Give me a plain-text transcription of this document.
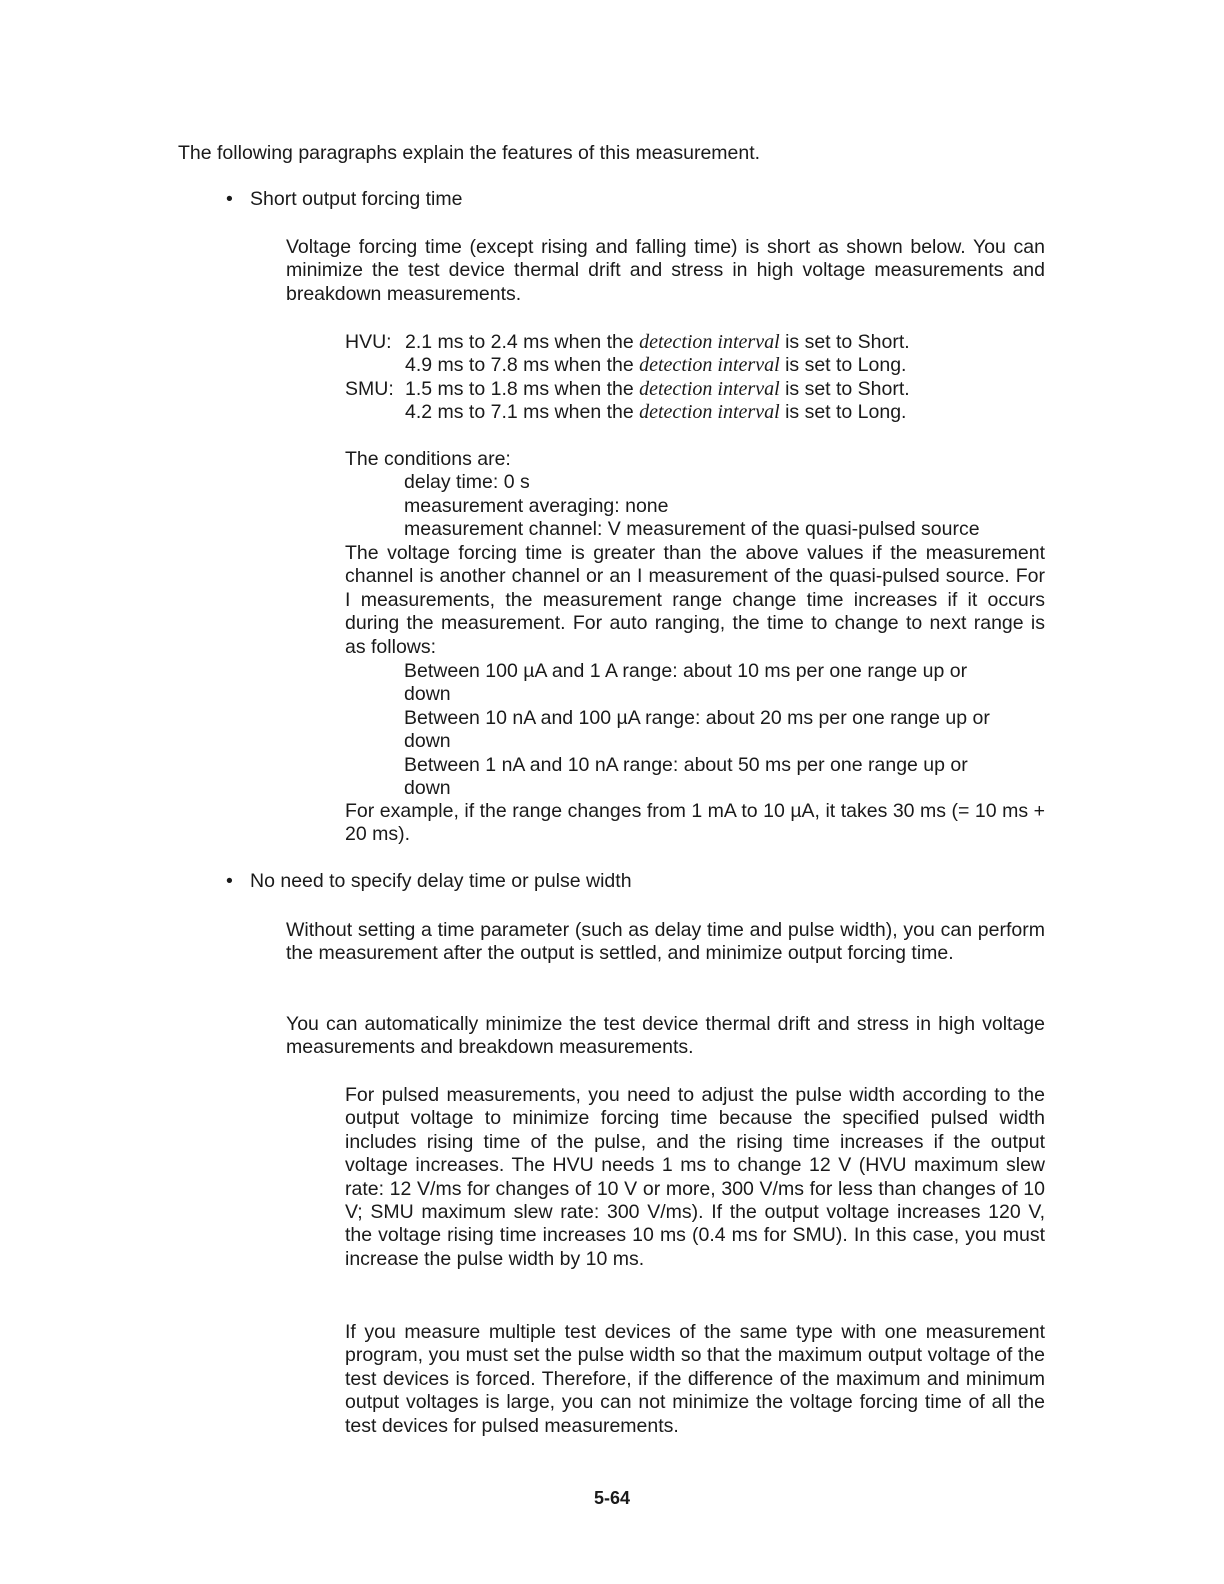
The following paragraphs explain the features of this measurement.

• Short output forcing time

Voltage forcing time (except rising and falling time) is short as shown below. You can minimize the test device thermal drift and stress in high voltage measurements and breakdown measurements.

HVU: 2.1 ms to 2.4 ms when the detection interval is set to Short.
4.9 ms to 7.8 ms when the detection interval is set to Long.
SMU: 1.5 ms to 1.8 ms when the detection interval is set to Short.
4.2 ms to 7.1 ms when the detection interval is set to Long.
The conditions are:
delay time: 0 s
measurement averaging: none
measurement channel: V measurement of the quasi-pulsed source

The voltage forcing time is greater than the above values if the measurement channel is another channel or an I measurement of the quasi-pulsed source. For I measurements, the measurement range change time increases if it occurs during the measurement. For auto ranging, the time to change to next range is as follows:

Between 100 µA and 1 A range: about 10 ms per one range up or
down
Between 10 nA and 100 µA range: about 20 ms per one range up or
down
Between 1 nA and 10 nA range: about 50 ms per one range up or
down

For example, if the range changes from 1 mA to 10 µA, it takes 30 ms (= 10 ms + 20 ms).

• No need to specify delay time or pulse width

Without setting a time parameter (such as delay time and pulse width), you can perform the measurement after the output is settled, and minimize output forcing time.

You can automatically minimize the test device thermal drift and stress in high voltage measurements and breakdown measurements.

For pulsed measurements, you need to adjust the pulse width according to the output voltage to minimize forcing time because the specified pulsed width includes rising time of the pulse, and the rising time increases if the output voltage increases. The HVU needs 1 ms to change 12 V (HVU maximum slew rate: 12 V/ms for changes of 10 V or more, 300 V/ms for less than changes of 10 V; SMU maximum slew rate: 300 V/ms). If the output voltage increases 120 V, the voltage rising time increases 10 ms (0.4 ms for SMU). In this case, you must increase the pulse width by 10 ms.

If you measure multiple test devices of the same type with one measurement program, you must set the pulse width so that the maximum output voltage of the test devices is forced. Therefore, if the difference of the maximum and minimum output voltages is large, you can not minimize the voltage forcing time of all the test devices for pulsed measurements.

5-64
